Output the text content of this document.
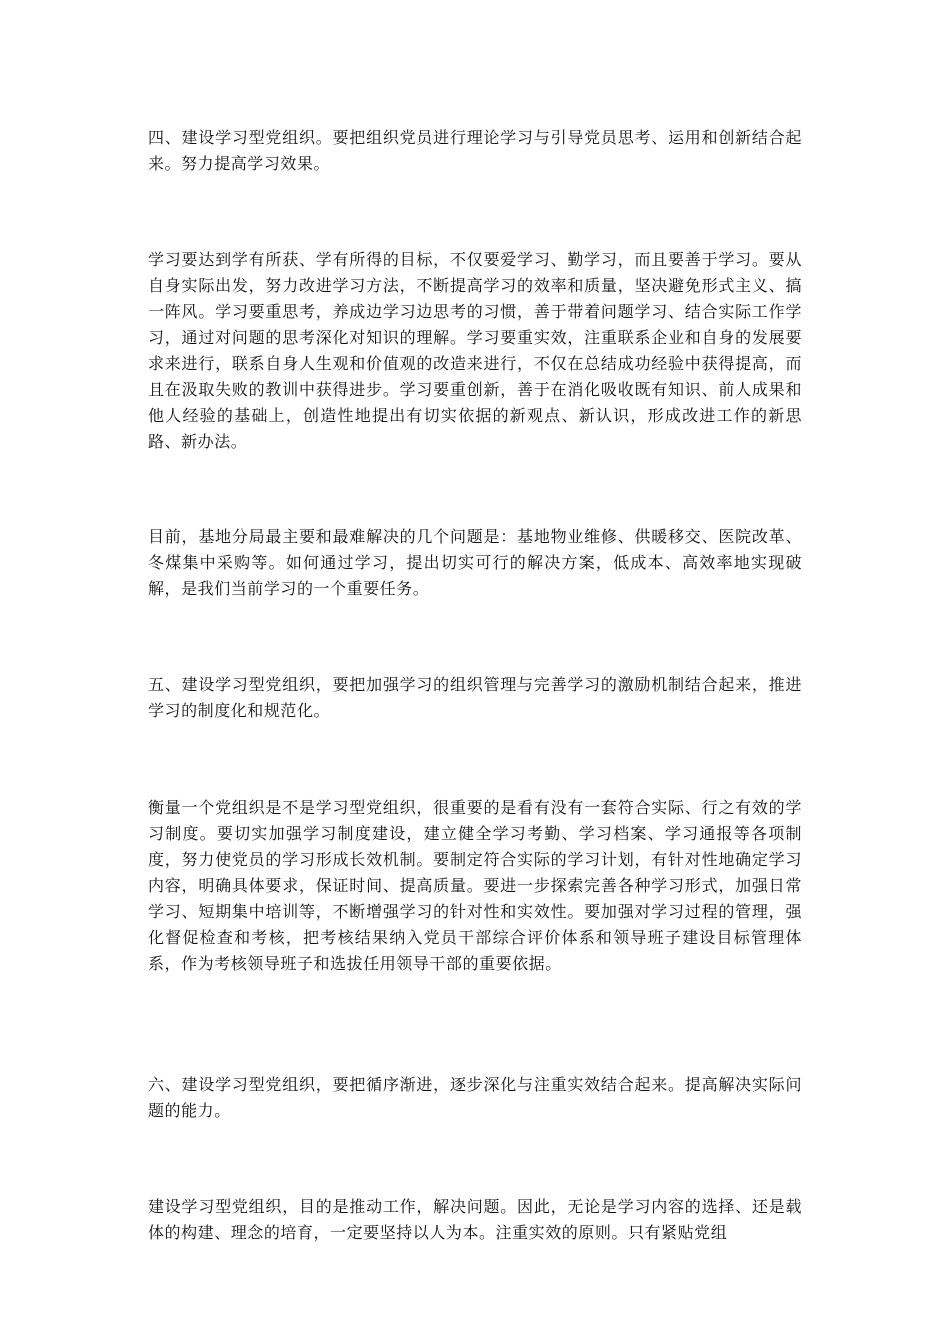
四、建设学习型党组织。要把组织党员进行理论学习与引导党员思考、运用和创新结合起来。努力提高学习效果。

学习要达到学有所获、学有所得的目标，不仅要爱学习、勤学习，而且要善于学习。要从自身实际出发，努力改进学习方法，不断提高学习的效率和质量，坚决避免形式主义、搞一阵风。学习要重思考，养成边学习边思考的习惯，善于带着问题学习、结合实际工作学习，通过对问题的思考深化对知识的理解。学习要重实效，注重联系企业和自身的发展要求来进行，联系自身人生观和价值观的改造来进行，不仅在总结成功经验中获得提高，而且在汲取失败的教训中获得进步。学习要重创新，善于在消化吸收既有知识、前人成果和他人经验的基础上，创造性地提出有切实依据的新观点、新认识，形成改进工作的新思路、新办法。

目前，基地分局最主要和最难解决的几个问题是：基地物业维修、供暖移交、医院改革、冬煤集中采购等。如何通过学习，提出切实可行的解决方案，低成本、高效率地实现破解，是我们当前学习的一个重要任务。

五、建设学习型党组织，要把加强学习的组织管理与完善学习的激励机制结合起来，推进学习的制度化和规范化。

衡量一个党组织是不是学习型党组织，很重要的是看有没有一套符合实际、行之有效的学习制度。要切实加强学习制度建设，建立健全学习考勤、学习档案、学习通报等各项制度，努力使党员的学习形成长效机制。要制定符合实际的学习计划，有针对性地确定学习内容，明确具体要求，保证时间、提高质量。要进一步探索完善各种学习形式，加强日常学习、短期集中培训等，不断增强学习的针对性和实效性。要加强对学习过程的管理，强化督促检查和考核，把考核结果纳入党员干部综合评价体系和领导班子建设目标管理体系，作为考核领导班子和选拔任用领导干部的重要依据。

六、建设学习型党组织，要把循序渐进，逐步深化与注重实效结合起来。提高解决实际问题的能力。

建设学习型党组织，目的是推动工作，解决问题。因此，无论是学习内容的选择、还是载体的构建、理念的培育，一定要坚持以人为本。注重实效的原则。只有紧贴党组
